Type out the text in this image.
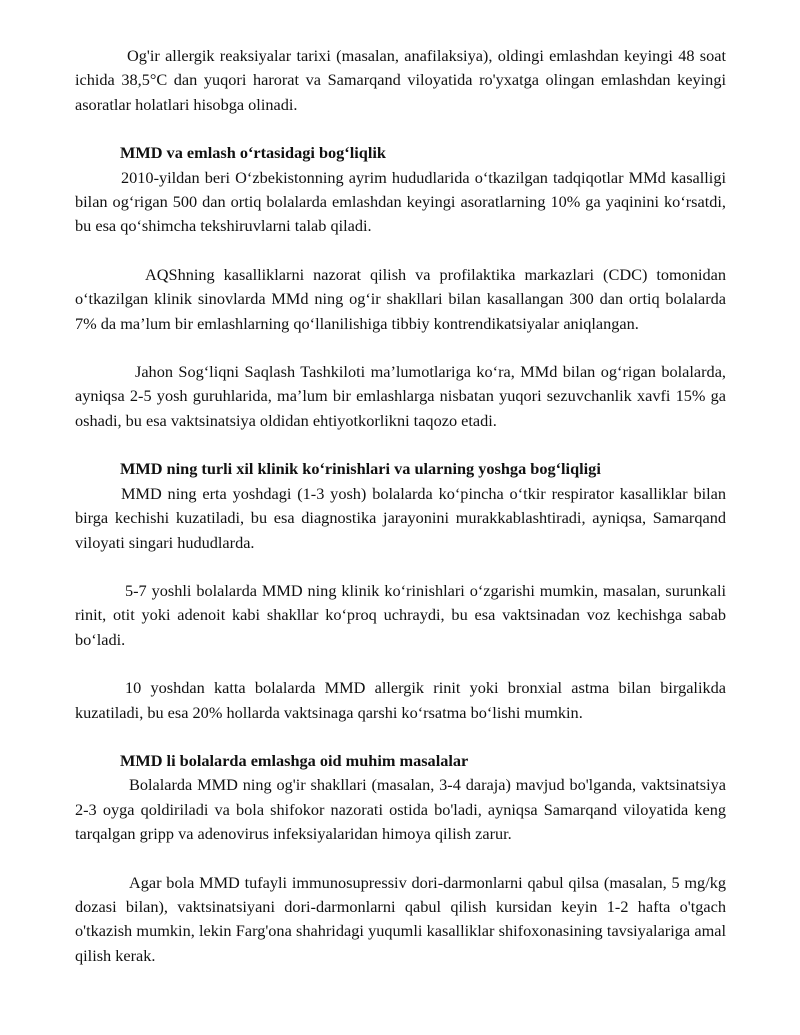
Og'ir allergik reaksiyalar tarixi (masalan, anafilaksiya), oldingi emlashdan keyingi 48 soat ichida 38,5°C dan yuqori harorat va Samarqand viloyatida ro'yxatga olingan emlashdan keyingi asoratlar holatlari hisobga olinadi.

MMD va emlash o‘rtasidagi bog‘liqlik

2010-yildan beri O‘zbekistonning ayrim hududlarida o‘tkazilgan tadqiqotlar MMd kasalligi bilan og‘rigan 500 dan ortiq bolalarda emlashdan keyingi asoratlarning 10% ga yaqinini ko‘rsatdi, bu esa qo‘shimcha tekshiruvlarni talab qiladi.

AQShning kasalliklarni nazorat qilish va profilaktika markazlari (CDC) tomonidan o‘tkazilgan klinik sinovlarda MMd ning og‘ir shakllari bilan kasallangan 300 dan ortiq bolalarda 7% da ma’lum bir emlashlarning qo‘llanilishiga tibbiy kontrendikatsiyalar aniqlangan.

Jahon Sog‘liqni Saqlash Tashkiloti ma’lumotlariga ko‘ra, MMd bilan og‘rigan bolalarda, ayniqsa 2-5 yosh guruhlarida, ma’lum bir emlashlarga nisbatan yuqori sezuvchanlik xavfi 15% ga oshadi, bu esa vaktsinatsiya oldidan ehtiyotkorlikni taqozo etadi.

MMD ning turli xil klinik ko‘rinishlari va ularning yoshga bog‘liqligi

MMD ning erta yoshdagi (1-3 yosh) bolalarda ko‘pincha o‘tkir respirator kasalliklar bilan birga kechishi kuzatiladi, bu esa diagnostika jarayonini murakkablashtiradi, ayniqsa, Samarqand viloyati singari hududlarda.

5-7 yoshli bolalarda MMD ning klinik ko‘rinishlari o‘zgarishi mumkin, masalan, surunkali rinit, otit yoki adenoit kabi shakllar ko‘proq uchraydi, bu esa vaktsinadan voz kechishga sabab bo‘ladi.

10 yoshdan katta bolalarda MMD allergik rinit yoki bronxial astma bilan birgalikda kuzatiladi, bu esa 20% hollarda vaktsinaga qarshi ko‘rsatma bo‘lishi mumkin.

MMD li bolalarda emlashga oid muhim masalalar

Bolalarda MMD ning og'ir shakllari (masalan, 3-4 daraja) mavjud bo'lganda, vaktsinatsiya 2-3 oyga qoldiriladi va bola shifokor nazorati ostida bo'ladi, ayniqsa Samarqand viloyatida keng tarqalgan gripp va adenovirus infeksiyalaridan himoya qilish zarur.

Agar bola MMD tufayli immunosupressiv dori-darmonlarni qabul qilsa (masalan, 5 mg/kg dozasi bilan), vaktsinatsiyani dori-darmonlarni qabul qilish kursidan keyin 1-2 hafta o'tgach o'tkazish mumkin, lekin Farg'ona shahridagi yuqumli kasalliklar shifoxonasining tavsiyalariga amal qilish kerak.
